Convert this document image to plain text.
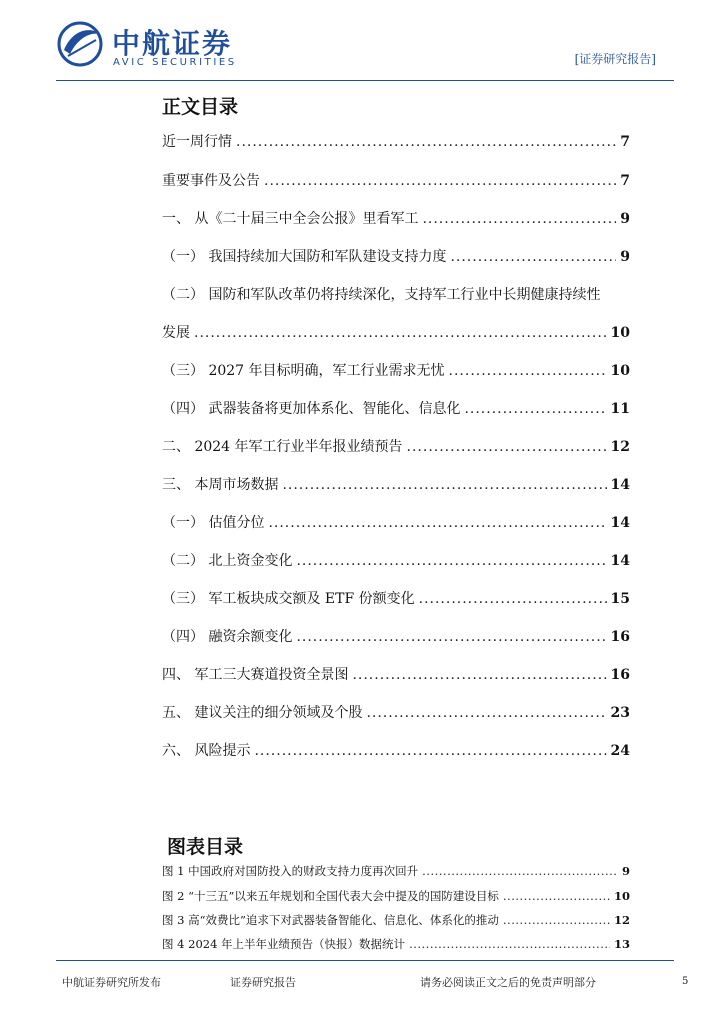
中航证券
AVIC SECURITIES	[证券研究报告]
正文目录
近一周行情 .....	7
重要事件及公告 .....	7
一、 从《二十届三中全会公报》里看军工 .....	9
（一） 我国持续加大国防和军队建设支持力度 .....	9
（二） 国防和军队改革仍将持续深化，支持军工行业中长期健康持续性
发展 .....	10
（三） 2027 年目标明确，军工行业需求无忧 .....	10
（四） 武器装备将更加体系化、智能化、信息化 .....	11
二、 2024 年军工行业半年报业绩预告 .....	12
三、 本周市场数据 .....	14
（一） 估值分位 .....	14
（二） 北上资金变化 .....	14
（三） 军工板块成交额及 ETF 份额变化 .....	15
（四） 融资余额变化 .....	16
四、 军工三大赛道投资全景图 .....	16
五、 建议关注的细分领域及个股 .....	23
六、 风险提示 .....	24
图表目录
图 1 中国政府对国防投入的财政支持力度再次回升 .....	9
图 2 “十三五”以来五年规划和全国代表大会中提及的国防建设目标 .....	10
图 3 高“效费比”追求下对武器装备智能化、信息化、体系化的推动 .....	12
图 4 2024 年上半年业绩预告（快报）数据统计 .....	13
中航证券研究所发布	证券研究报告	请务必阅读正文之后的免责声明部分	5
